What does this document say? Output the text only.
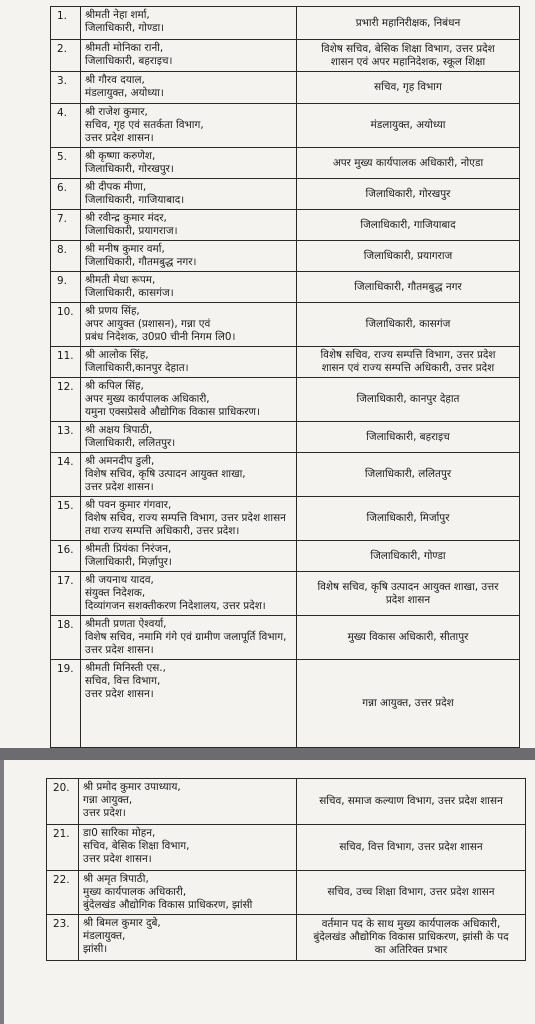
1.	श्रीमती नेहा शर्मा,
जिलाधिकारी, गोण्डा।	प्रभारी महानिरीक्षक, निबंधन

2.	श्रीमती मोनिका रानी,
जिलाधिकारी, बहराइच।	विशेष सचिव, बेसिक शिक्षा विभाग, उत्तर प्रदेश
शासन एवं अपर महानिदेशक, स्कूल शिक्षा

3.	श्री गौरव दयाल,
मंडलायुक्त, अयोध्या।	सचिव, गृह विभाग

4.	श्री राजेश कुमार,
सचिव, गृह एवं सतर्कता विभाग,
उत्तर प्रदेश शासन।	मंडलायुक्त, अयोध्या

5.	श्री कृष्णा करुणेश,
जिलाधिकारी, गोरखपुर।	अपर मुख्य कार्यपालक अधिकारी, नोएडा

6.	श्री दीपक मीणा,
जिलाधिकारी, गाजियाबाद।	जिलाधिकारी, गोरखपुर

7.	श्री रवीन्द्र कुमार मंदर,
जिलाधिकारी, प्रयागराज।	जिलाधिकारी, गाजियाबाद

8.	श्री मनीष कुमार वर्मा,
जिलाधिकारी, गौतमबुद्ध नगर।	जिलाधिकारी, प्रयागराज

9.	श्रीमती मेधा रूपम,
जिलाधिकारी, कासगंज।	जिलाधिकारी, गौतमबुद्ध नगर

10.	श्री प्रणय सिंह,
अपर आयुक्त (प्रशासन), गन्ना एवं
प्रबंध निदेशक, उ0प्र0 चीनी निगम लि0।	जिलाधिकारी, कासगंज

11.	श्री आलोक सिंह,
जिलाधिकारी,कानपुर देहात।	विशेष सचिव, राज्य सम्पत्ति विभाग, उत्तर प्रदेश
शासन एवं राज्य सम्पत्ति अधिकारी, उत्तर प्रदेश

12.	श्री कपिल सिंह,
अपर मुख्य कार्यपालक अधिकारी,
यमुना एक्सप्रेसवे औद्योगिक विकास प्राधिकरण।	जिलाधिकारी, कानपुर देहात

13.	श्री अक्षय त्रिपाठी,
जिलाधिकारी, ललितपुर।	जिलाधिकारी, बहराइच

14.	श्री अमनदीप डुली,
विशेष सचिव, कृषि उत्पादन आयुक्त शाखा,
उत्तर प्रदेश शासन।	जिलाधिकारी, ललितपुर

15.	श्री पवन कुमार गंगवार,
विशेष सचिव, राज्य सम्पत्ति विभाग, उत्तर प्रदेश शासन
तथा राज्य सम्पत्ति अधिकारी, उत्तर प्रदेश।	जिलाधिकारी, मिर्जापुर

16.	श्रीमती प्रियंका निरंजन,
जिलाधिकारी, मिर्ज़ापुर।	जिलाधिकारी, गोण्डा

17.	श्री जयनाथ यादव,
संयुक्त निदेशक,
दिव्यांगजन सशक्तीकरण निदेशालय, उत्तर प्रदेश।	विशेष सचिव, कृषि उत्पादन आयुक्त शाखा, उत्तर
प्रदेश शासन

18.	श्रीमती प्रणता ऐश्वर्या,
विशेष सचिव, नमामि गंगे एवं ग्रामीण जलापूर्ति विभाग,
उत्तर प्रदेश शासन।	मुख्य विकास अधिकारी, सीतापुर

19.	श्रीमती मिनिस्ती एस.,
सचिव, वित्त विभाग,
उत्तर प्रदेश शासन।	गन्ना आयुक्त, उत्तर प्रदेश
20.	श्री प्रमोद कुमार उपाध्याय,
गन्ना आयुक्त,
उत्तर प्रदेश।	सचिव, समाज कल्याण विभाग, उत्तर प्रदेश शासन

21.	डा0 सारिका मोहन,
सचिव, बेसिक शिक्षा विभाग,
उत्तर प्रदेश शासन।	सचिव, वित्त विभाग, उत्तर प्रदेश शासन

22.	श्री अमृत त्रिपाठी,
मुख्य कार्यपालक अधिकारी,
बुंदेलखंड औद्योगिक विकास प्राधिकरण, झांसी	सचिव, उच्च शिक्षा विभाग, उत्तर प्रदेश शासन

23.	श्री बिमल कुमार दुबे,
मंडलायुक्त,
झांसी।	वर्तमान पद के साथ मुख्य कार्यपालक अधिकारी,
बुंदेलखंड औद्योगिक विकास प्राधिकरण, झांसी के पद
का अतिरिक्त प्रभार
